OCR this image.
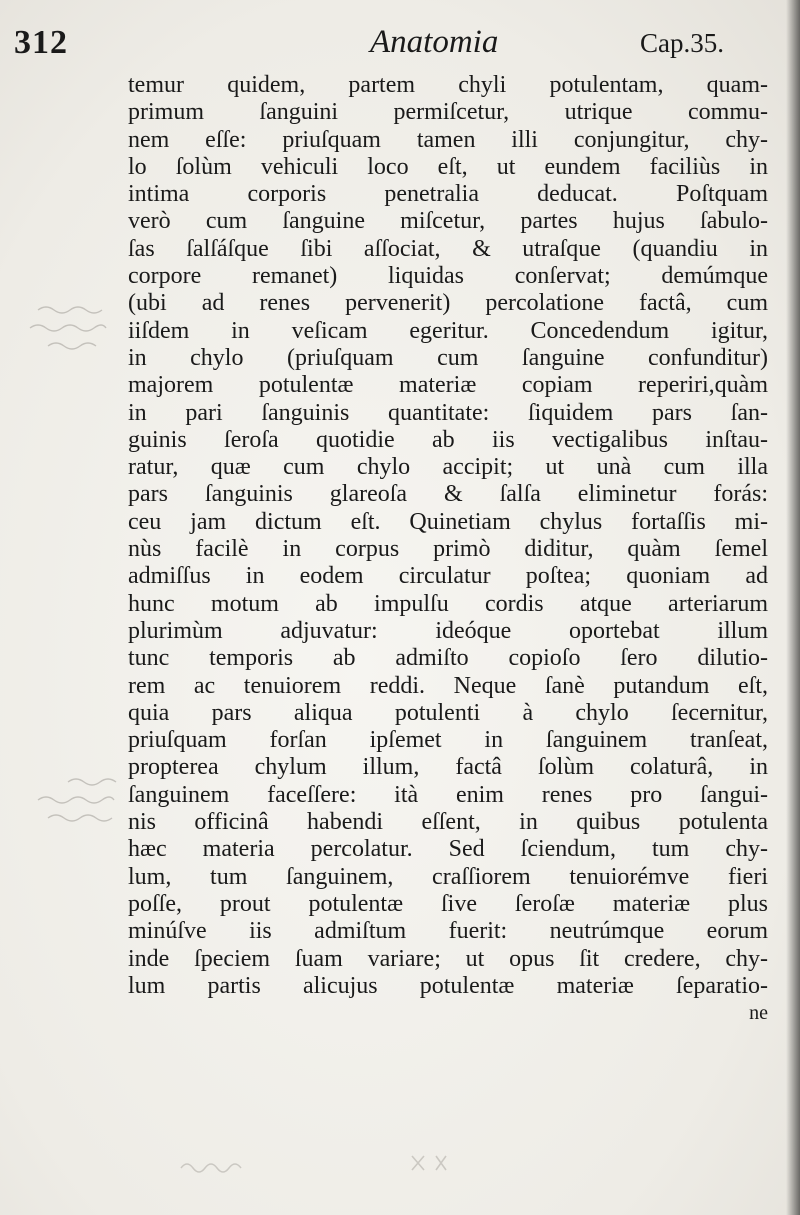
312	Anatomia	Cap.35.
temur quidem, partem chyli potulentam, quam-
primum ſanguini permiſcetur, utrique commu-
nem eſſe: priuſquam tamen illi conjungitur, chy-
lo ſolùm vehiculi loco eſt, ut eundem faciliùs in
intima corporis penetralia deducat. Poſtquam
verò cum ſanguine miſcetur, partes hujus ſabulo-
ſas ſalſáſque ſibi aſſociat, & utraſque (quandiu in
corpore remanet) liquidas conſervat; demúmque
(ubi ad renes pervenerit) percolatione factâ, cum
iiſdem in veſicam egeritur. Concedendum igitur,
in chylo (priuſquam cum ſanguine confunditur)
majorem potulentæ materiæ copiam reperiri,quàm
in pari ſanguinis quantitate: ſiquidem pars ſan-
guinis ſeroſa quotidie ab iis vectigalibus inſtau-
ratur, quæ cum chylo accipit; ut unà cum illa
pars ſanguinis glareoſa & ſalſa eliminetur forás:
ceu jam dictum eſt. Quinetiam chylus fortaſſis mi-
nùs facilè in corpus primò diditur, quàm ſemel
admiſſus in eodem circulatur poſtea; quoniam ad
hunc motum ab impulſu cordis atque arteriarum
plurimùm adjuvatur: ideóque oportebat illum
tunc temporis ab admiſto copioſo ſero dilutio-
rem ac tenuiorem reddi. Neque ſanè putandum eſt,
quia pars aliqua potulenti à chylo ſecernitur,
priuſquam forſan ipſemet in ſanguinem tranſeat,
propterea chylum illum, factâ ſolùm colaturâ, in
ſanguinem faceſſere: ità enim renes pro ſangui-
nis officinâ habendi eſſent, in quibus potulenta
hæc materia percolatur. Sed ſciendum, tum chy-
lum, tum ſanguinem, craſſiorem tenuiorémve fieri
poſſe, prout potulentæ ſive ſeroſæ materiæ plus
minúſve iis admiſtum fuerit: neutrúmque eorum
inde ſpeciem ſuam variare; ut opus ſit credere, chy-
lum partis alicujus potulentæ materiæ ſeparatio-
ne
